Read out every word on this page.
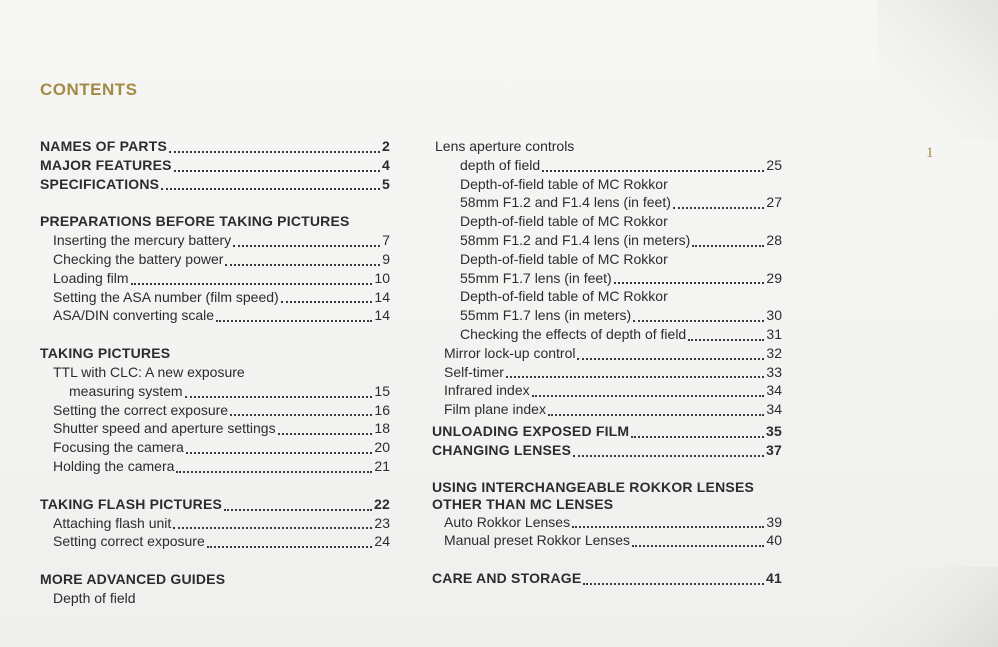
CONTENTS
1
NAMES OF PARTS	2
MAJOR FEATURES	4
SPECIFICATIONS	5
PREPARATIONS BEFORE TAKING PICTURES
Inserting the mercury battery	7
Checking the battery power	9
Loading film	10
Setting the ASA number (film speed)	14
ASA/DIN converting scale	14
TAKING PICTURES
TTL with CLC: A new exposure
measuring system	15
Setting the correct exposure	16
Shutter speed and aperture settings	18
Focusing the camera	20
Holding the camera	21
TAKING FLASH PICTURES	22
Attaching flash unit	23
Setting correct exposure	24
MORE ADVANCED GUIDES
Depth of field
Lens aperture controls
depth of field	25
Depth-of-field table of MC Rokkor
58mm F1.2 and F1.4 lens (in feet)	27
Depth-of-field table of MC Rokkor
58mm F1.2 and F1.4 lens (in meters)	28
Depth-of-field table of MC Rokkor
55mm F1.7 lens (in feet)	29
Depth-of-field table of MC Rokkor
55mm F1.7 lens (in meters)	30
Checking the effects of depth of field	31
Mirror lock-up control	32
Self-timer	33
Infrared index	34
Film plane index	34
UNLOADING EXPOSED FILM	35
CHANGING LENSES	37
USING INTERCHANGEABLE ROKKOR LENSES
OTHER THAN MC LENSES
Auto Rokkor Lenses	39
Manual preset Rokkor Lenses	40
CARE AND STORAGE	41
